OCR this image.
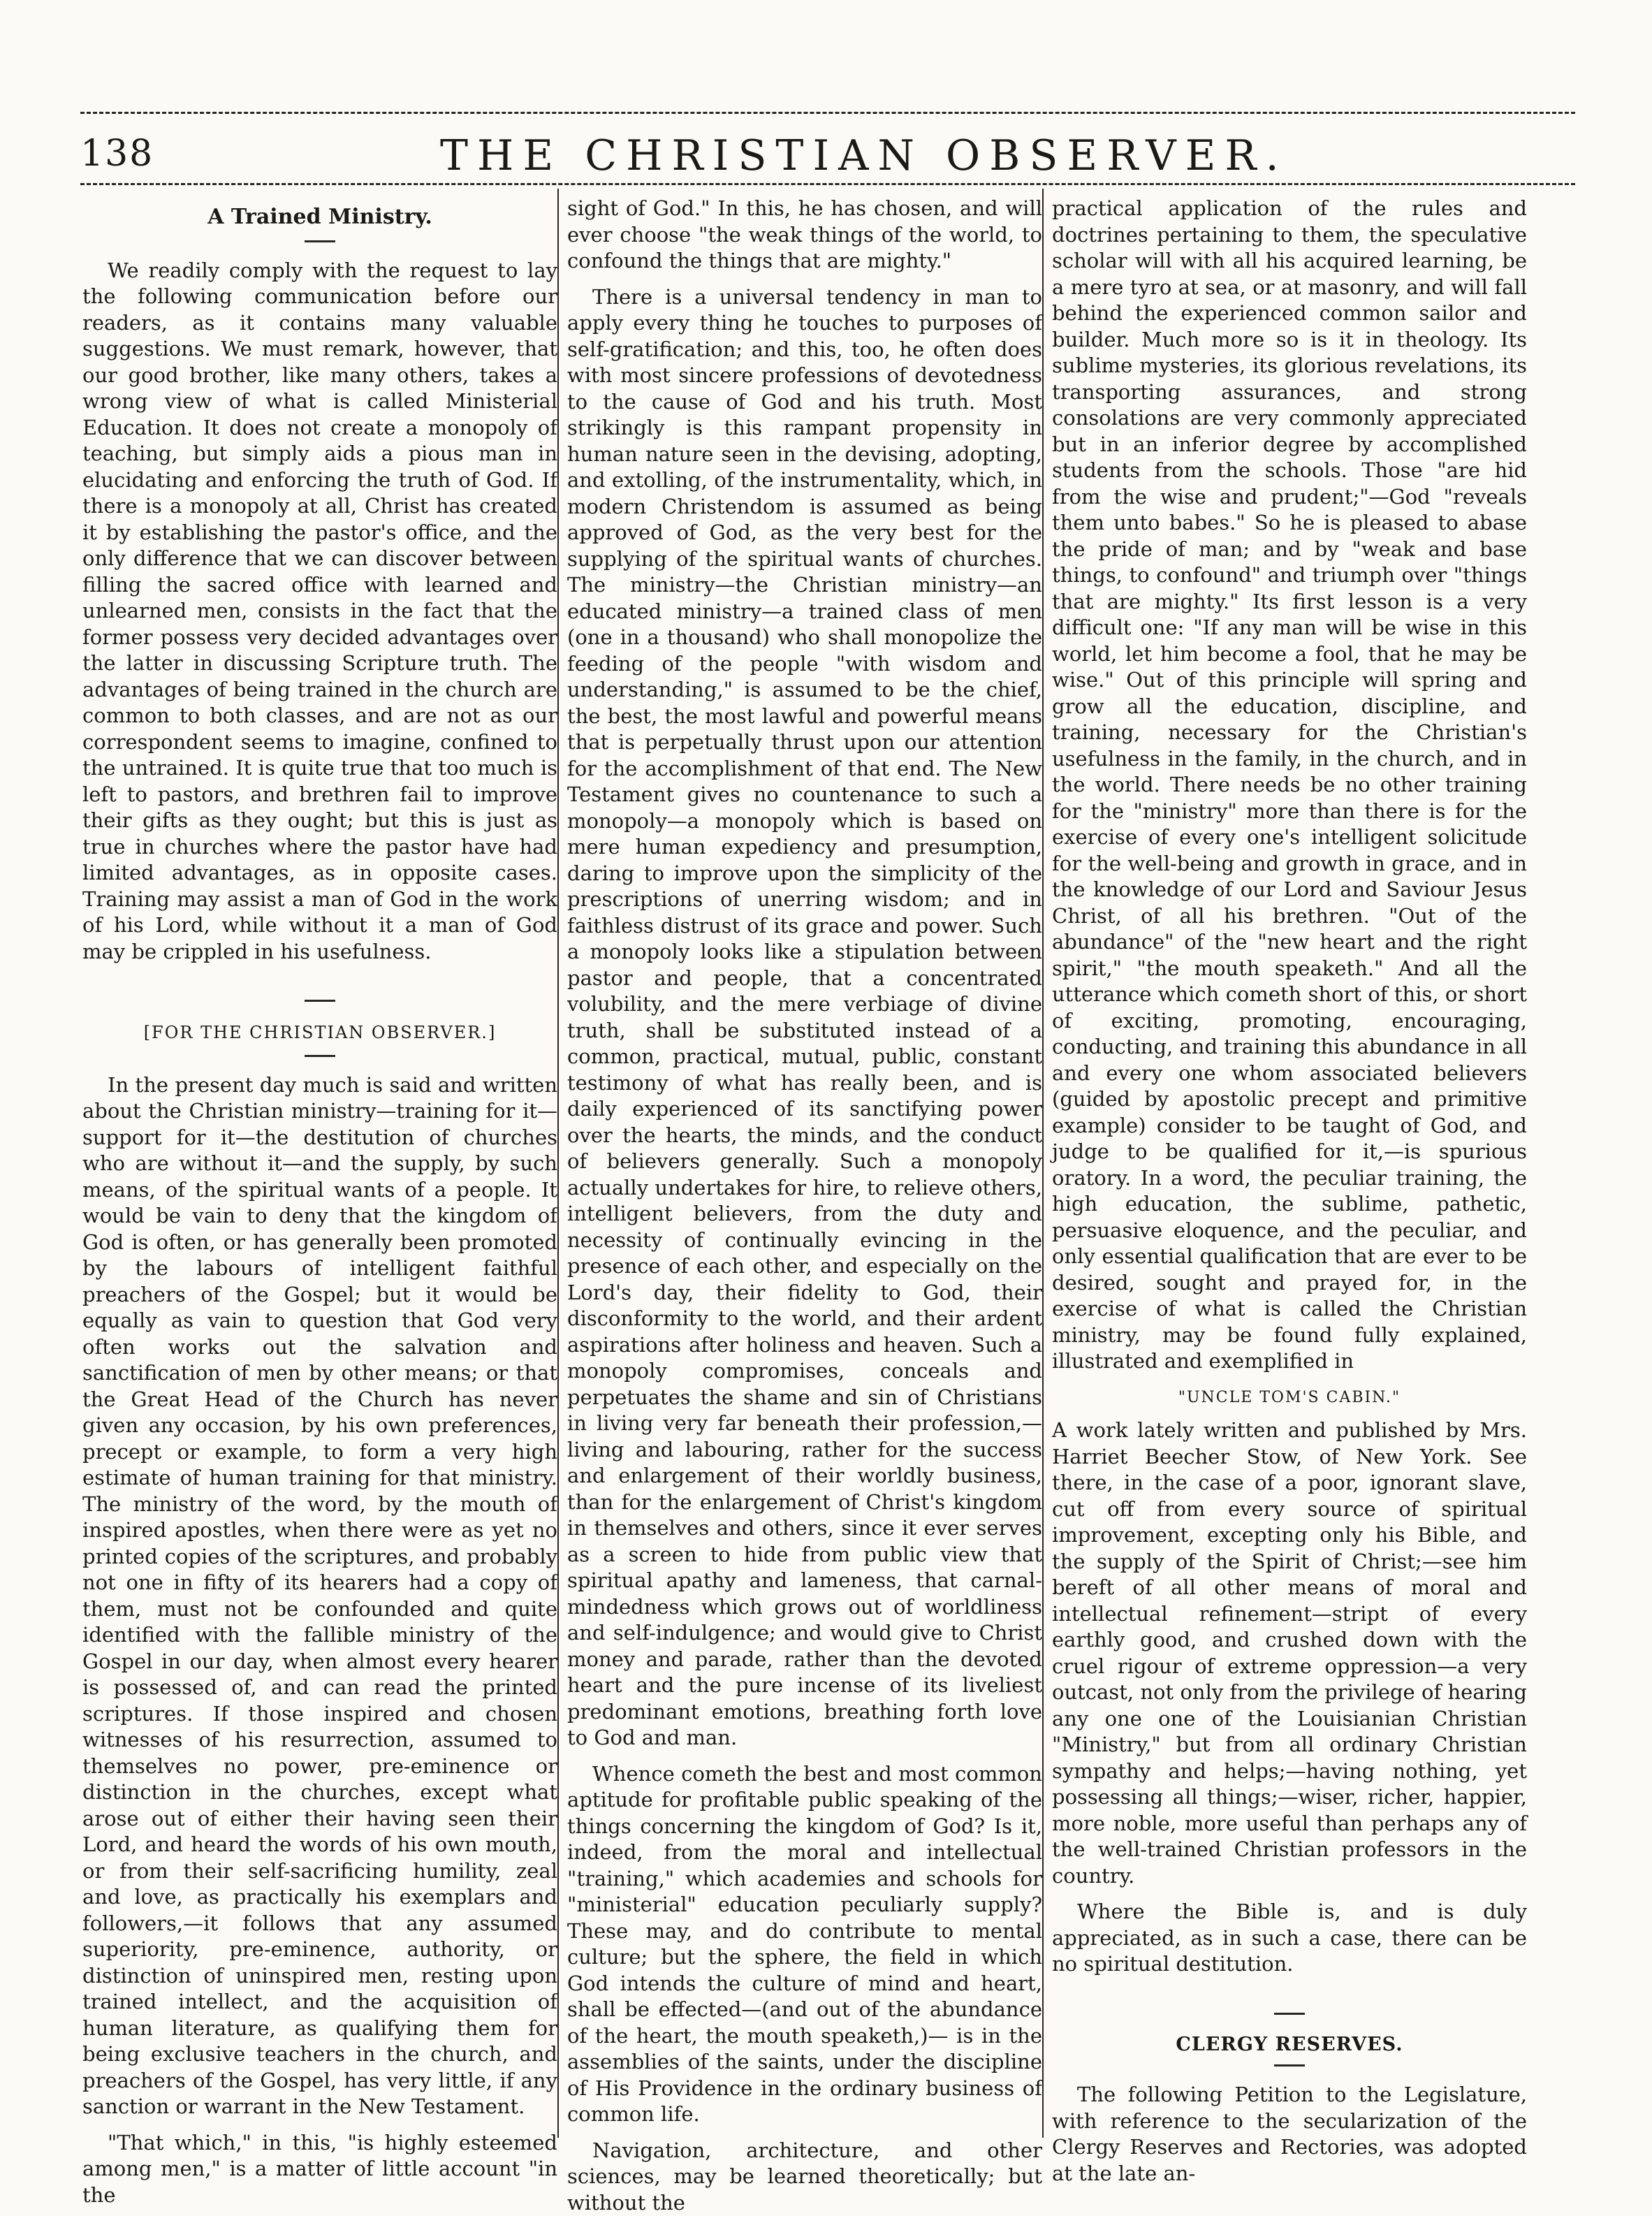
138	THE CHRISTIAN OBSERVER.
A Trained Ministry.

We readily comply with the request to lay the following communication before our readers, as it contains many valuable suggestions. We must remark, however, that our good brother, like many others, takes a wrong view of what is called Ministerial Education. It does not create a monopoly of teaching, but simply aids a pious man in elucidating and enforcing the truth of God. If there is a monopoly at all, Christ has created it by establishing the pastor's office, and the only difference that we can discover between filling the sacred office with learned and unlearned men, consists in the fact that the former possess very decided advantages over the latter in discussing Scripture truth. The advantages of being trained in the church are common to both classes, and are not as our correspondent seems to imagine, confined to the untrained. It is quite true that too much is left to pastors, and brethren fail to improve their gifts as they ought; but this is just as true in churches where the pastor have had limited advantages, as in opposite cases. Training may assist a man of God in the work of his Lord, while without it a man of God may be crippled in his usefulness.

[FOR THE CHRISTIAN OBSERVER.]

In the present day much is said and written about the Christian ministry—training for it—support for it—the destitution of churches who are without it—and the supply, by such means, of the spiritual wants of a people. It would be vain to deny that the kingdom of God is often, or has generally been promoted by the labours of intelligent faithful preachers of the Gospel; but it would be equally as vain to question that God very often works out the salvation and sanctification of men by other means; or that the Great Head of the Church has never given any occasion, by his own preferences, precept or example, to form a very high estimate of human training for that ministry. The ministry of the word, by the mouth of inspired apostles, when there were as yet no printed copies of the scriptures, and probably not one in fifty of its hearers had a copy of them, must not be confounded and quite identified with the fallible ministry of the Gospel in our day, when almost every hearer is possessed of, and can read the printed scriptures. If those inspired and chosen witnesses of his resurrection, assumed to themselves no power, pre-eminence or distinction in the churches, except what arose out of either their having seen their Lord, and heard the words of his own mouth, or from their self-sacrificing humility, zeal and love, as practically his exemplars and followers,—it follows that any assumed superiority, pre-eminence, authority, or distinction of uninspired men, resting upon trained intellect, and the acquisition of human literature, as qualifying them for being exclusive teachers in the church, and preachers of the Gospel, has very little, if any sanction or warrant in the New Testament.

"That which," in this, "is highly esteemed among men," is a matter of little account "in the

sight of God." In this, he has chosen, and will ever choose "the weak things of the world, to confound the things that are mighty."

There is a universal tendency in man to apply every thing he touches to purposes of self-gratification; and this, too, he often does with most sincere professions of devotedness to the cause of God and his truth. Most strikingly is this rampant propensity in human nature seen in the devising, adopting, and extolling, of the instrumentality, which, in modern Christendom is assumed as being approved of God, as the very best for the supplying of the spiritual wants of churches. The ministry—the Christian ministry—an educated ministry—a trained class of men (one in a thousand) who shall monopolize the feeding of the people "with wisdom and understanding," is assumed to be the chief, the best, the most lawful and powerful means that is perpetually thrust upon our attention for the accomplishment of that end. The New Testament gives no countenance to such a monopoly—a monopoly which is based on mere human expediency and presumption, daring to improve upon the simplicity of the prescriptions of unerring wisdom; and in faithless distrust of its grace and power. Such a monopoly looks like a stipulation between pastor and people, that a concentrated volubility, and the mere verbiage of divine truth, shall be substituted instead of a common, practical, mutual, public, constant testimony of what has really been, and is daily experienced of its sanctifying power over the hearts, the minds, and the conduct of believers generally. Such a monopoly actually undertakes for hire, to relieve others, intelligent believers, from the duty and necessity of continually evincing in the presence of each other, and especially on the Lord's day, their fidelity to God, their disconformity to the world, and their ardent aspirations after holiness and heaven. Such a monopoly compromises, conceals and perpetuates the shame and sin of Christians in living very far beneath their profession,—living and labouring, rather for the success and enlargement of their worldly business, than for the enlargement of Christ's kingdom in themselves and others, since it ever serves as a screen to hide from public view that spiritual apathy and lameness, that carnal-mindedness which grows out of worldliness and self-indulgence; and would give to Christ money and parade, rather than the devoted heart and the pure incense of its liveliest predominant emotions, breathing forth love to God and man.

Whence cometh the best and most common aptitude for profitable public speaking of the things concerning the kingdom of God? Is it, indeed, from the moral and intellectual "training," which academies and schools for "ministerial" education peculiarly supply? These may, and do contribute to mental culture; but the sphere, the field in which God intends the culture of mind and heart, shall be effected—(and out of the abundance of the heart, the mouth speaketh,)— is in the assemblies of the saints, under the discipline of His Providence in the ordinary business of common life.

Navigation, architecture, and other sciences, may be learned theoretically; but without the

practical application of the rules and doctrines pertaining to them, the speculative scholar will with all his acquired learning, be a mere tyro at sea, or at masonry, and will fall behind the experienced common sailor and builder. Much more so is it in theology. Its sublime mysteries, its glorious revelations, its transporting assurances, and strong consolations are very commonly appreciated but in an inferior degree by accomplished students from the schools. Those "are hid from the wise and prudent;"—God "reveals them unto babes." So he is pleased to abase the pride of man; and by "weak and base things, to confound" and triumph over "things that are mighty." Its first lesson is a very difficult one: "If any man will be wise in this world, let him become a fool, that he may be wise." Out of this principle will spring and grow all the education, discipline, and training, necessary for the Christian's usefulness in the family, in the church, and in the world. There needs be no other training for the "ministry" more than there is for the exercise of every one's intelligent solicitude for the well-being and growth in grace, and in the knowledge of our Lord and Saviour Jesus Christ, of all his brethren. "Out of the abundance" of the "new heart and the right spirit," "the mouth speaketh." And all the utterance which cometh short of this, or short of exciting, promoting, encouraging, conducting, and training this abundance in all and every one whom associated believers (guided by apostolic precept and primitive example) consider to be taught of God, and judge to be qualified for it,—is spurious oratory. In a word, the peculiar training, the high education, the sublime, pathetic, persuasive eloquence, and the peculiar, and only essential qualification that are ever to be desired, sought and prayed for, in the exercise of what is called the Christian ministry, may be found fully explained, illustrated and exemplified in

"UNCLE TOM'S CABIN."

A work lately written and published by Mrs. Harriet Beecher Stow, of New York. See there, in the case of a poor, ignorant slave, cut off from every source of spiritual improvement, excepting only his Bible, and the supply of the Spirit of Christ;—see him bereft of all other means of moral and intellectual refinement—stript of every earthly good, and crushed down with the cruel rigour of extreme oppression—a very outcast, not only from the privilege of hearing any one one of the Louisianian Christian "Ministry," but from all ordinary Christian sympathy and helps;—having nothing, yet possessing all things;—wiser, richer, happier, more noble, more useful than perhaps any of the well-trained Christian professors in the country.

Where the Bible is, and is duly appreciated, as in such a case, there can be no spiritual destitution.

CLERGY RESERVES.

The following Petition to the Legislature, with reference to the secularization of the Clergy Reserves and Rectories, was adopted at the late an-
